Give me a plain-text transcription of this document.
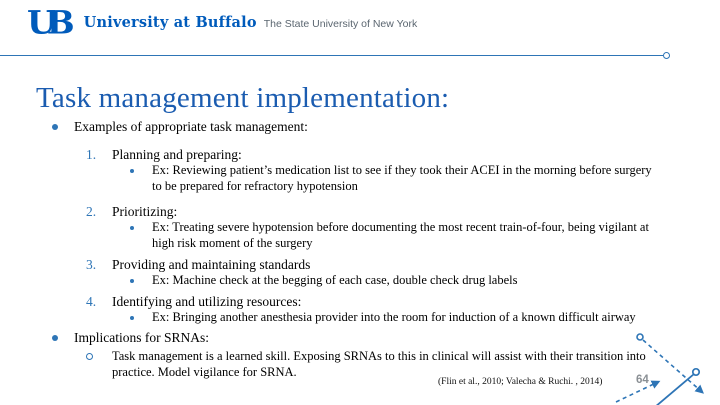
UB	University at Buffalo The State University of New York
Task management implementation:
Examples of appropriate task management:
1.	Planning and preparing:
Ex: Reviewing patient’s medication list to see if they took their ACEI in the morning before surgery to be prepared for refractory hypotension
2.	Prioritizing:
Ex: Treating severe hypotension before documenting the most recent train-of-four, being vigilant at high risk moment of the surgery
3.	Providing and maintaining standards
Ex: Machine check at the begging of each case, double check drug labels
4.	Identifying and utilizing resources:
Ex: Bringing another anesthesia provider into the room for induction of a known difficult airway
Implications for SRNAs:
Task management is a learned skill. Exposing SRNAs to this in clinical will assist with their transition into practice. Model vigilance for SRNA.
(Flin et al., 2010; Valecha & Ruchi. , 2014)	64
